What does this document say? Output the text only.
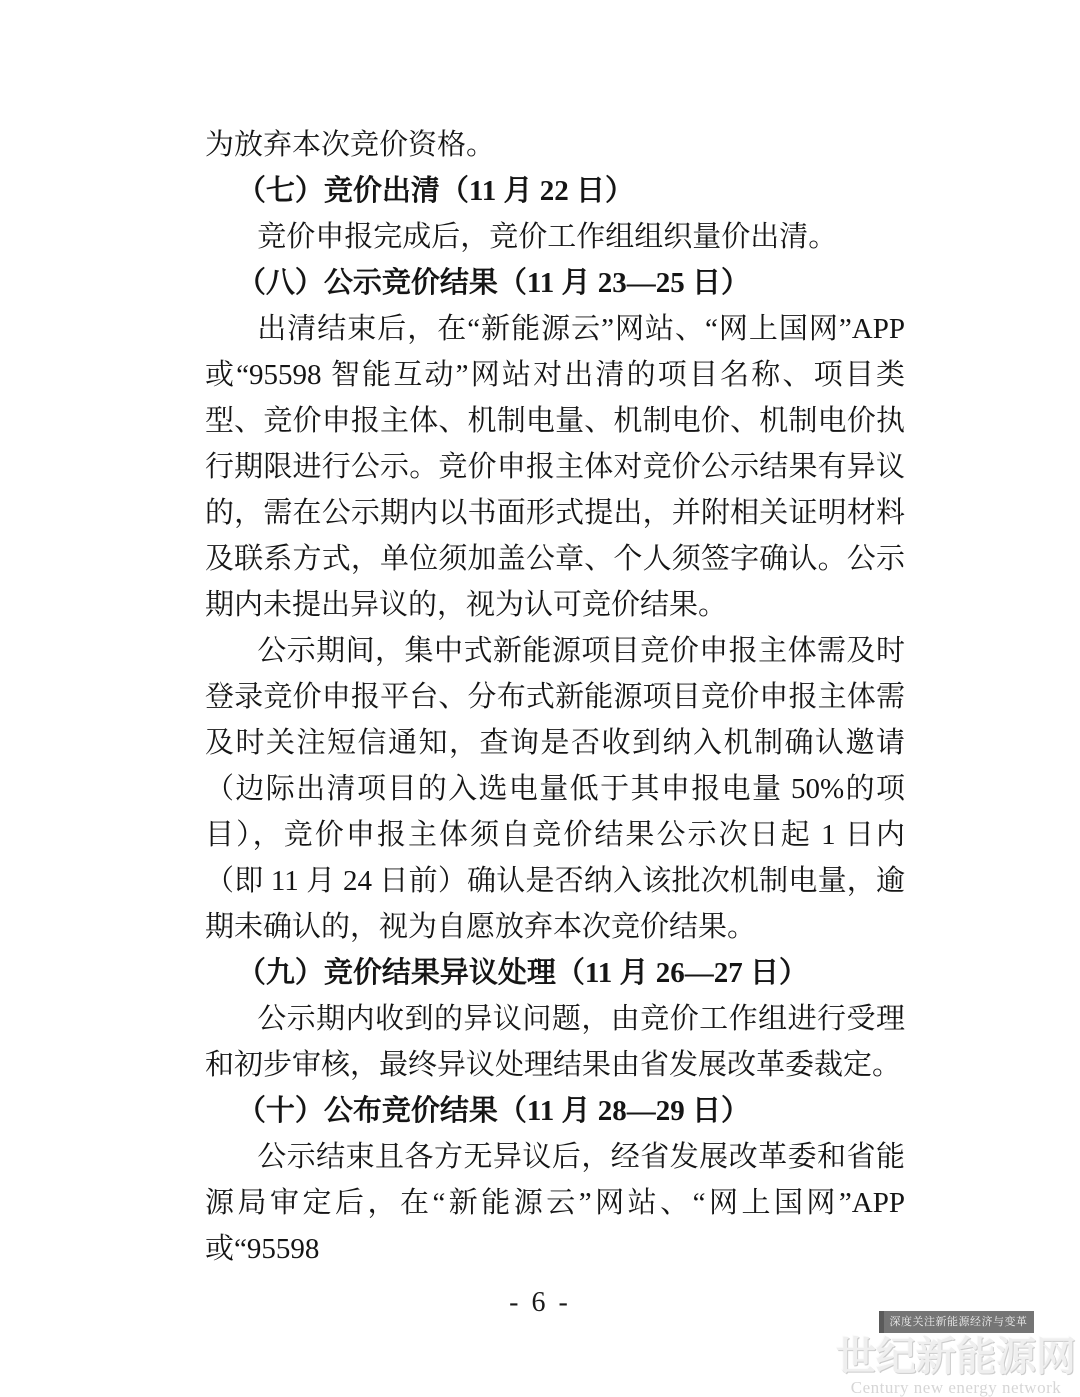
为放弃本次竞价资格。

（七）竞价出清（11 月 22 日）

竞价申报完成后，竞价工作组组织量价出清。

（八）公示竞价结果（11 月 23—25 日）

出清结束后，在“新能源云”网站、“网上国网”APP 或“95598 智能互动”网站对出清的项目名称、项目类型、竞价申报主体、机制电量、机制电价、机制电价执行期限进行公示。竞价申报主体对竞价公示结果有异议的，需在公示期内以书面形式提出，并附相关证明材料及联系方式，单位须加盖公章、个人须签字确认。公示期内未提出异议的，视为认可竞价结果。

公示期间，集中式新能源项目竞价申报主体需及时登录竞价申报平台、分布式新能源项目竞价申报主体需及时关注短信通知，查询是否收到纳入机制确认邀请（边际出清项目的入选电量低于其申报电量 50%的项目），竞价申报主体须自竞价结果公示次日起 1 日内（即 11 月 24 日前）确认是否纳入该批次机制电量，逾期未确认的，视为自愿放弃本次竞价结果。

（九）竞价结果异议处理（11 月 26—27 日）

公示期内收到的异议问题，由竞价工作组进行受理和初步审核，最终异议处理结果由省发展改革委裁定。

（十）公布竞价结果（11 月 28—29 日）

公示结束且各方无异议后，经省发展改革委和省能源局审定后，在“新能源云”网站、“网上国网”APP 或“95598

- 6 -
深度关注新能源经济与变革
世纪新能源网
Century new energy network
